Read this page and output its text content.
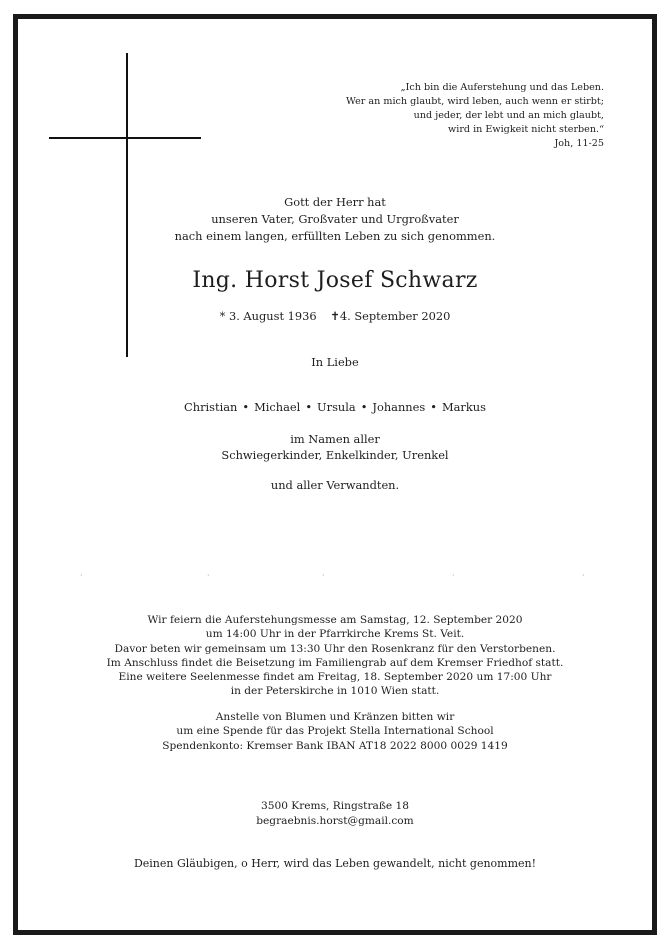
„Ich bin die Auferstehung und das Leben.
Wer an mich glaubt, wird leben, auch wenn er stirbt;
und jeder, der lebt und an mich glaubt,
wird in Ewigkeit nicht sterben.“
Joh, 11-25
Gott der Herr hat
unseren Vater, Großvater und Urgroßvater
nach einem langen, erfüllten Leben zu sich genommen.
Ing. Horst Josef Schwarz
* 3. August 1936 ✝4. September 2020
In Liebe
Christian • Michael • Ursula • Johannes • Markus
im Namen aller
Schwiegerkinder, Enkelkinder, Urenkel
und aller Verwandten.
·	·	·	·	·
Wir feiern die Auferstehungsmesse am Samstag, 12. September 2020
um 14:00 Uhr in der Pfarrkirche Krems St. Veit.
Davor beten wir gemeinsam um 13:30 Uhr den Rosenkranz für den Verstorbenen.
Im Anschluss findet die Beisetzung im Familiengrab auf dem Kremser Friedhof statt.
Eine weitere Seelenmesse findet am Freitag, 18. September 2020 um 17:00 Uhr
in der Peterskirche in 1010 Wien statt.
Anstelle von Blumen und Kränzen bitten wir
um eine Spende für das Projekt Stella International School
Spendenkonto: Kremser Bank IBAN AT18 2022 8000 0029 1419
3500 Krems, Ringstraße 18
begraebnis.horst@gmail.com
Deinen Gläubigen, o Herr, wird das Leben gewandelt, nicht genommen!
